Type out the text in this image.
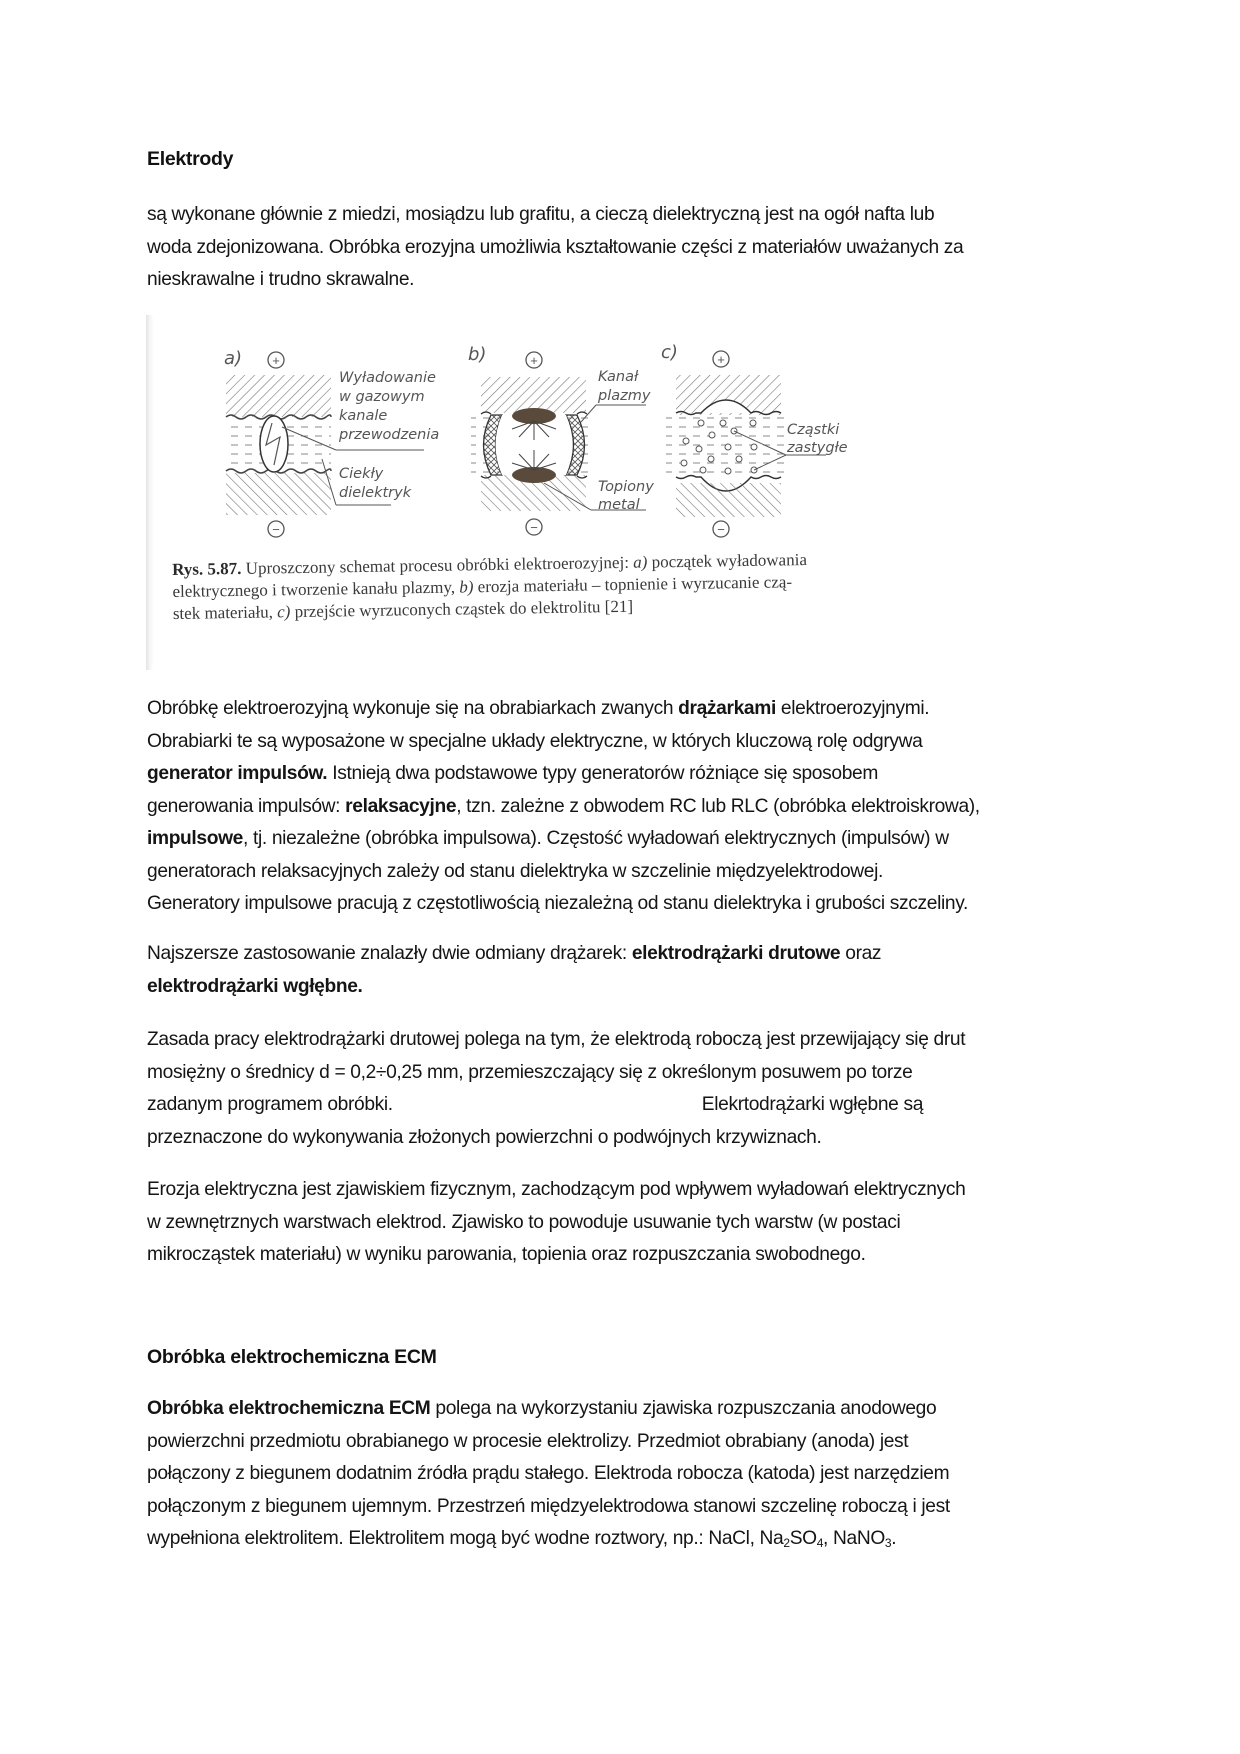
Elektrody
są wykonane głównie z miedzi, mosiądzu lub grafitu, a cieczą dielektryczną jest na ogół nafta lub
woda zdejonizowana. Obróbka erozyjna umożliwia kształtowanie części z materiałów uważanych za
nieskrawalne i trudno skrawalne.
a) +
−
Wyładowanie w gazowym kanale przewodzenia
Ciekły dielektryk
b)	+
−
Kanał plazmy
Topiony metal
c)	+
−
Cząstki zastygłe
Rys. 5.87. Uproszczony schemat procesu obróbki elektroerozyjnej: a) początek wyładowania
elektrycznego i tworzenie kanału plazmy, b) erozja materiału – topnienie i wyrzucanie czą-
stek materiału, c) przejście wyrzuconych cząstek do elektrolitu [21]
Obróbkę elektroerozyjną wykonuje się na obrabiarkach zwanych drążarkami elektroerozyjnymi.
Obrabiarki te są wyposażone w specjalne układy elektryczne, w których kluczową rolę odgrywa
generator impulsów. Istnieją dwa podstawowe typy generatorów różniące się sposobem
generowania impulsów: relaksacyjne, tzn. zależne z obwodem RC lub RLC (obróbka elektroiskrowa),
impulsowe, tj. niezależne (obróbka impulsowa). Częstość wyładowań elektrycznych (impulsów) w
generatorach relaksacyjnych zależy od stanu dielektryka w szczelinie międzyelektrodowej.
Generatory impulsowe pracują z częstotliwością niezależną od stanu dielektryka i grubości szczeliny.
Najszersze zastosowanie znalazły dwie odmiany drążarek: elektrodrążarki drutowe oraz
elektrodrążarki wgłębne.
Zasada pracy elektrodrążarki drutowej polega na tym, że elektrodą roboczą jest przewijający się drut
mosiężny o średnicy d = 0,2÷0,25 mm, przemieszczający się z określonym posuwem po torze
zadanym programem obróbki.	Elekrtodrążarki wgłębne są
przeznaczone do wykonywania złożonych powierzchni o podwójnych krzywiznach.
Erozja elektryczna jest zjawiskiem fizycznym, zachodzącym pod wpływem wyładowań elektrycznych
w zewnętrznych warstwach elektrod. Zjawisko to powoduje usuwanie tych warstw (w postaci
mikrocząstek materiału) w wyniku parowania, topienia oraz rozpuszczania swobodnego.
Obróbka elektrochemiczna ECM
Obróbka elektrochemiczna ECM polega na wykorzystaniu zjawiska rozpuszczania anodowego
powierzchni przedmiotu obrabianego w procesie elektrolizy. Przedmiot obrabiany (anoda) jest
połączony z biegunem dodatnim źródła prądu stałego. Elektroda robocza (katoda) jest narzędziem
połączonym z biegunem ujemnym. Przestrzeń międzyelektrodowa stanowi szczelinę roboczą i jest
wypełniona elektrolitem. Elektrolitem mogą być wodne roztwory, np.: NaCl, $Na_2SO_4$, NaNO$_3$.
